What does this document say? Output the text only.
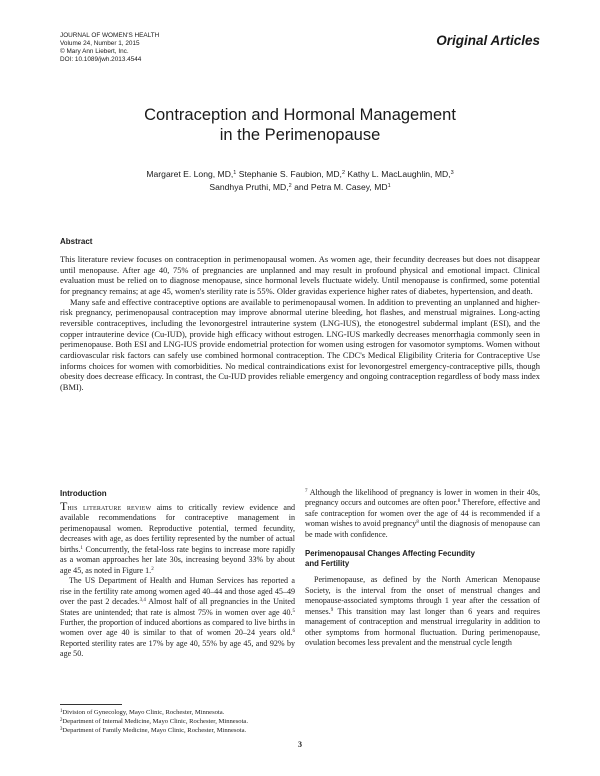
JOURNAL OF WOMEN'S HEALTH
Volume 24, Number 1, 2015
© Mary Ann Liebert, Inc.
DOI: 10.1089/jwh.2013.4544
Original Articles
Contraception and Hormonal Management
in the Perimenopause
Margaret E. Long, MD,$^1$ Stephanie S. Faubion, MD,$^2$ Kathy L. MacLaughlin, MD,$^3$
Sandhya Pruthi, MD,$^2$ and Petra M. Casey, $MD^1$
Abstract

This literature review focuses on contraception in perimenopausal women. As women age, their fecundity decreases but does not disappear until menopause. After age 40, 75% of pregnancies are unplanned and may result in profound physical and emotional impact. Clinical evaluation must be relied on to diagnose menopause, since hormonal levels fluctuate widely. Until menopause is confirmed, some potential for pregnancy remains; at age 45, women's sterility rate is 55%. Older gravidas experience higher rates of diabetes, hypertension, and death.

Many safe and effective contraceptive options are available to perimenopausal women. In addition to preventing an unplanned and higher-risk pregnancy, perimenopausal contraception may improve abnormal uterine bleeding, hot flashes, and menstrual migraines. Long-acting reversible contraceptives, including the levonorgestrel intrauterine system (LNG-IUS), the etonogestrel subdermal implant (ESI), and the copper intrauterine device (Cu-IUD), provide high efficacy without estrogen. LNG-IUS markedly decreases menorrhagia commonly seen in perimenopause. Both ESI and LNG-IUS provide endometrial protection for women using estrogen for vasomotor symptoms. Women without cardiovascular risk factors can safely use combined hormonal contraception. The CDC's Medical Eligibility Criteria for Contraceptive Use informs choices for women with comorbidities. No medical contraindications exist for levonorgestrel emergency-contraceptive pills, though obesity does decrease efficacy. In contrast, the Cu-IUD provides reliable emergency and ongoing contraception regardless of body mass index (BMI).

Introduction

This literature review aims to critically review evidence and available recommendations for contraceptive management in perimenopausal women. Reproductive potential, termed fecundity, decreases with age, as does fertility represented by the number of actual births.$^1$ Concurrently, the fetal-loss rate begins to increase more rapidly as a woman approaches her late 30s, increasing beyond 33% by about age 45, as noted in Figure 1.$^2$

The US Department of Health and Human Services has reported a rise in the fertility rate among women aged 40–44 and those aged 45–49 over the past 2 decades.$^{3,4}$ Almost half of all pregnancies in the United States are unintended; that rate is almost 75% in women over age 40.$^5$ Further, the proportion of induced abortions as compared to live births in women over age 40 is similar to that of women 20–24 years old.$^6$ Reported sterility rates are 17% by age 40, 55% by age 45, and 92% by age 50.

$^7$ Although the likelihood of pregnancy is lower in women in their 40s, pregnancy occurs and outcomes are often poor.$^8$ Therefore, effective and safe contraception for women over the age of 44 is recommended if a woman wishes to avoid pregnancy$^8$ until the diagnosis of menopause can be made with confidence.

Perimenopausal Changes Affecting Fecundity
and Fertility

Perimenopause, as defined by the North American Menopause Society, is the interval from the onset of menstrual changes and menopause-associated symptoms through 1 year after the cessation of menses.$^9$ This transition may last longer than 6 years and requires management of contraception and menstrual irregularity in addition to other symptoms from hormonal fluctuation. During perimenopause, ovulation becomes less prevalent and the menstrual cycle length

$^1$Division of Gynecology, Mayo Clinic, Rochester, Minnesota.
$^2$Department of Internal Medicine, Mayo Clinic, Rochester, Minnesota.
$^3$Department of Family Medicine, Mayo Clinic, Rochester, Minnesota.
3
